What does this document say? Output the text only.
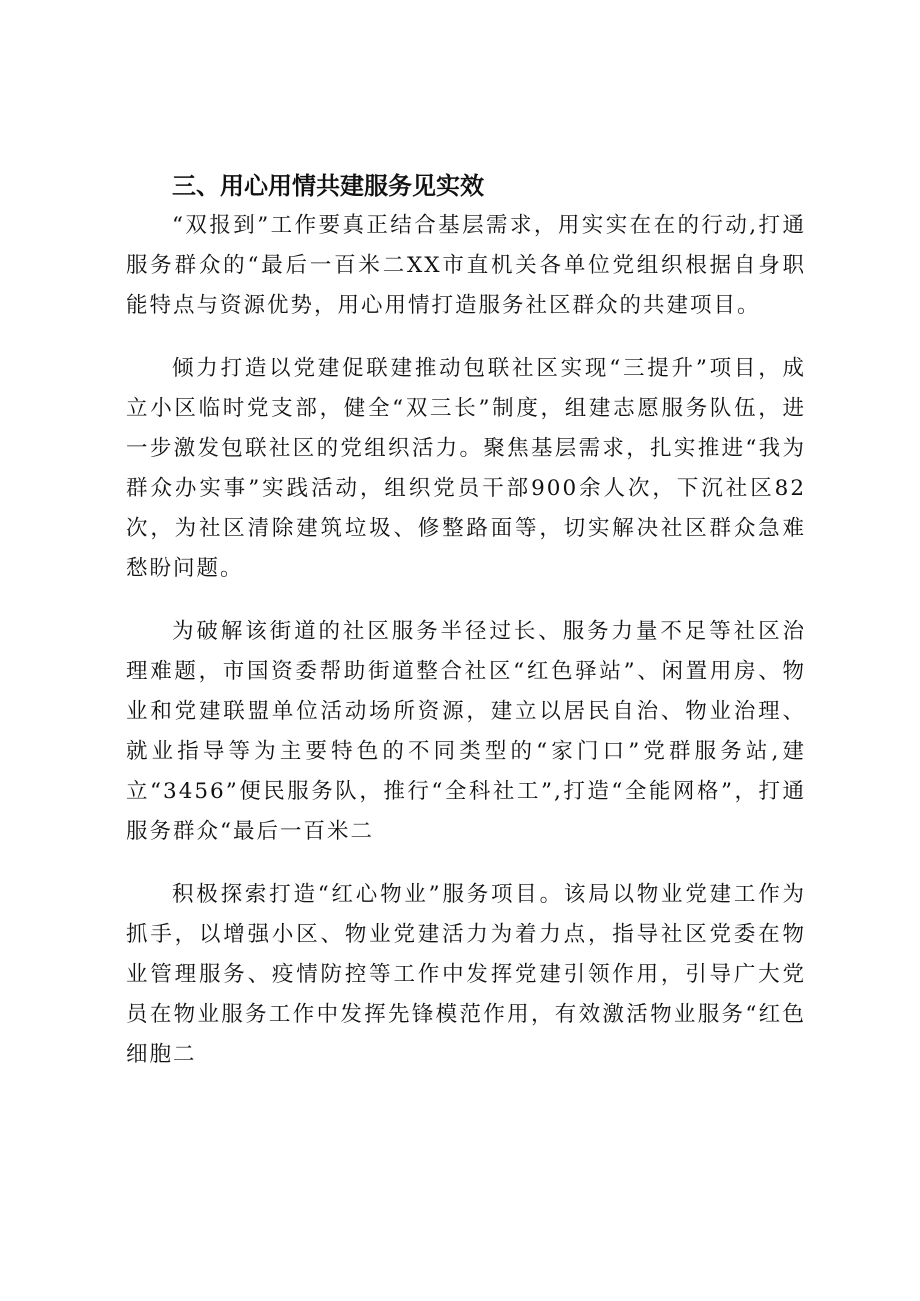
三、用心用情共建服务见实效

“双报到”工作要真正结合基层需求，用实实在在的行动,打通服务群众的“最后一百米二XX市直机关各单位党组织根据自身职能特点与资源优势，用心用情打造服务社区群众的共建项目。

倾力打造以党建促联建推动包联社区实现“三提升”项目，成立小区临时党支部，健全“双三长”制度，组建志愿服务队伍，进一步激发包联社区的党组织活力。聚焦基层需求，扎实推进“我为群众办实事”实践活动，组织党员干部900余人次，下沉社区82次，为社区清除建筑垃圾、修整路面等，切实解决社区群众急难愁盼问题。

为破解该街道的社区服务半径过长、服务力量不足等社区治理难题，市国资委帮助街道整合社区“红色驿站”、闲置用房、物业和党建联盟单位活动场所资源，建立以居民自治、物业治理、就业指导等为主要特色的不同类型的“家门口”党群服务站,建立“3456”便民服务队，推行“全科社工”,打造“全能网格”，打通服务群众“最后一百米二

积极探索打造“红心物业”服务项目。该局以物业党建工作为抓手，以增强小区、物业党建活力为着力点，指导社区党委在物业管理服务、疫情防控等工作中发挥党建引领作用，引导广大党员在物业服务工作中发挥先锋模范作用，有效激活物业服务“红色细胞二
